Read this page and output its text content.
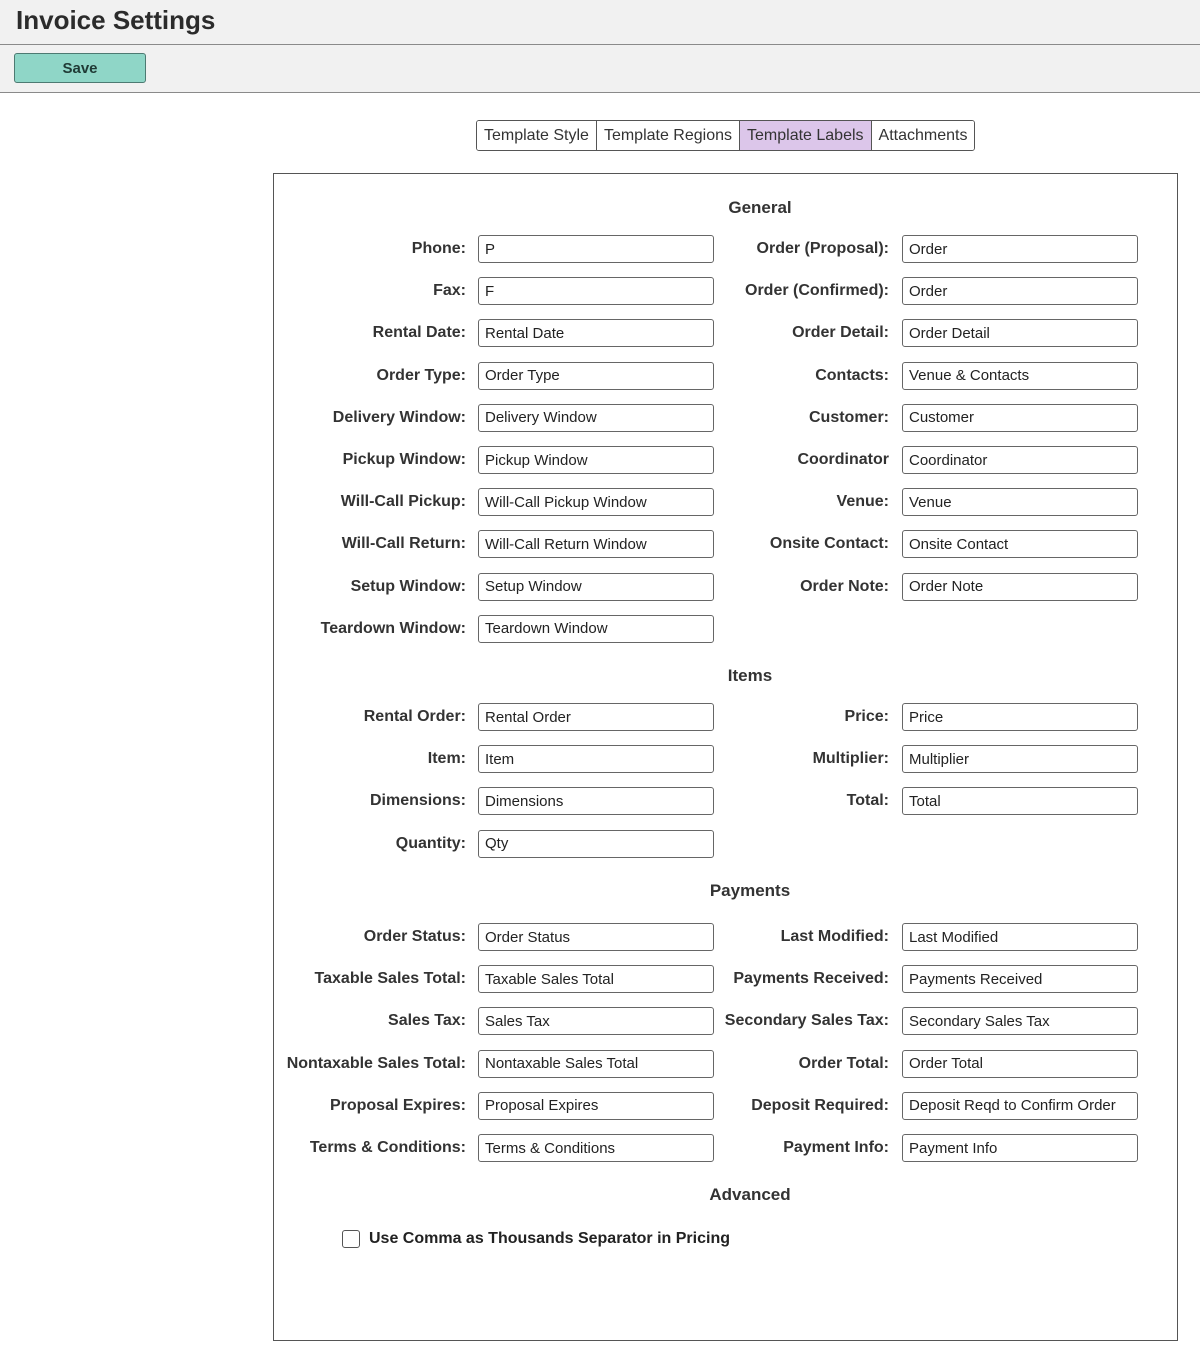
Invoice Settings
Save
Template Style Template Regions Template Labels Attachments
General
Phone:
P
Fax:
F
Rental Date:
Rental Date
Order Type:
Order Type
Delivery Window:
Delivery Window
Pickup Window:
Pickup Window
Will-Call Pickup:
Will-Call Pickup Window
Will-Call Return:
Will-Call Return Window
Setup Window:
Setup Window
Teardown Window:
Teardown Window
Order (Proposal):
Order
Order (Confirmed):
Order
Order Detail:
Order Detail
Contacts:
Venue & Contacts
Customer:
Customer
Coordinator
Coordinator
Venue:
Venue
Onsite Contact:
Onsite Contact
Order Note:
Order Note
Items
Rental Order:
Rental Order
Item:
Item
Dimensions:
Dimensions
Quantity:
Qty
Price:
Price
Multiplier:
Multiplier
Total:
Total
Payments
Order Status:
Order Status
Taxable Sales Total:
Taxable Sales Total
Sales Tax:
Sales Tax
Nontaxable Sales Total:
Nontaxable Sales Total
Proposal Expires:
Proposal Expires
Terms & Conditions:
Terms & Conditions
Last Modified:
Last Modified
Payments Received:
Payments Received
Secondary Sales Tax:
Secondary Sales Tax
Order Total:
Order Total
Deposit Required:
Deposit Reqd to Confirm Order
Payment Info:
Payment Info
Advanced
Use Comma as Thousands Separator in Pricing
